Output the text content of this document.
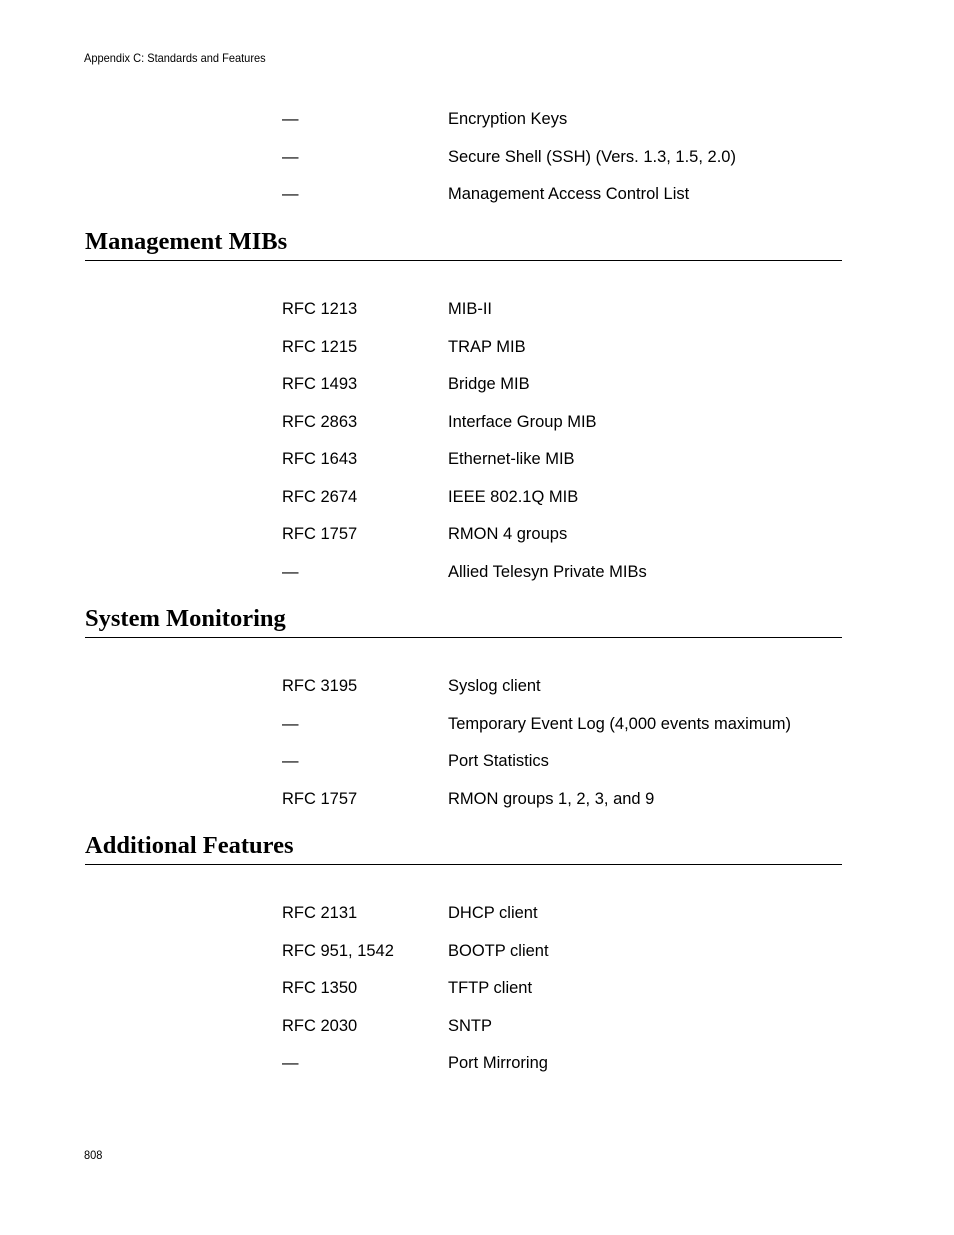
Appendix C: Standards and Features
—	Encryption Keys
—	Secure Shell (SSH) (Vers. 1.3, 1.5, 2.0)
—	Management Access Control List
Management MIBs
RFC 1213	MIB-II
RFC 1215	TRAP MIB
RFC 1493	Bridge MIB
RFC 2863	Interface Group MIB
RFC 1643	Ethernet-like MIB
RFC 2674	IEEE 802.1Q MIB
RFC 1757	RMON 4 groups
—	Allied Telesyn Private MIBs
System Monitoring
RFC 3195	Syslog client
—	Temporary Event Log (4,000 events maximum)
—	Port Statistics
RFC 1757	RMON groups 1, 2, 3, and 9
Additional Features
RFC 2131	DHCP client
RFC 951, 1542	BOOTP client
RFC 1350	TFTP client
RFC 2030	SNTP
—	Port Mirroring
808
